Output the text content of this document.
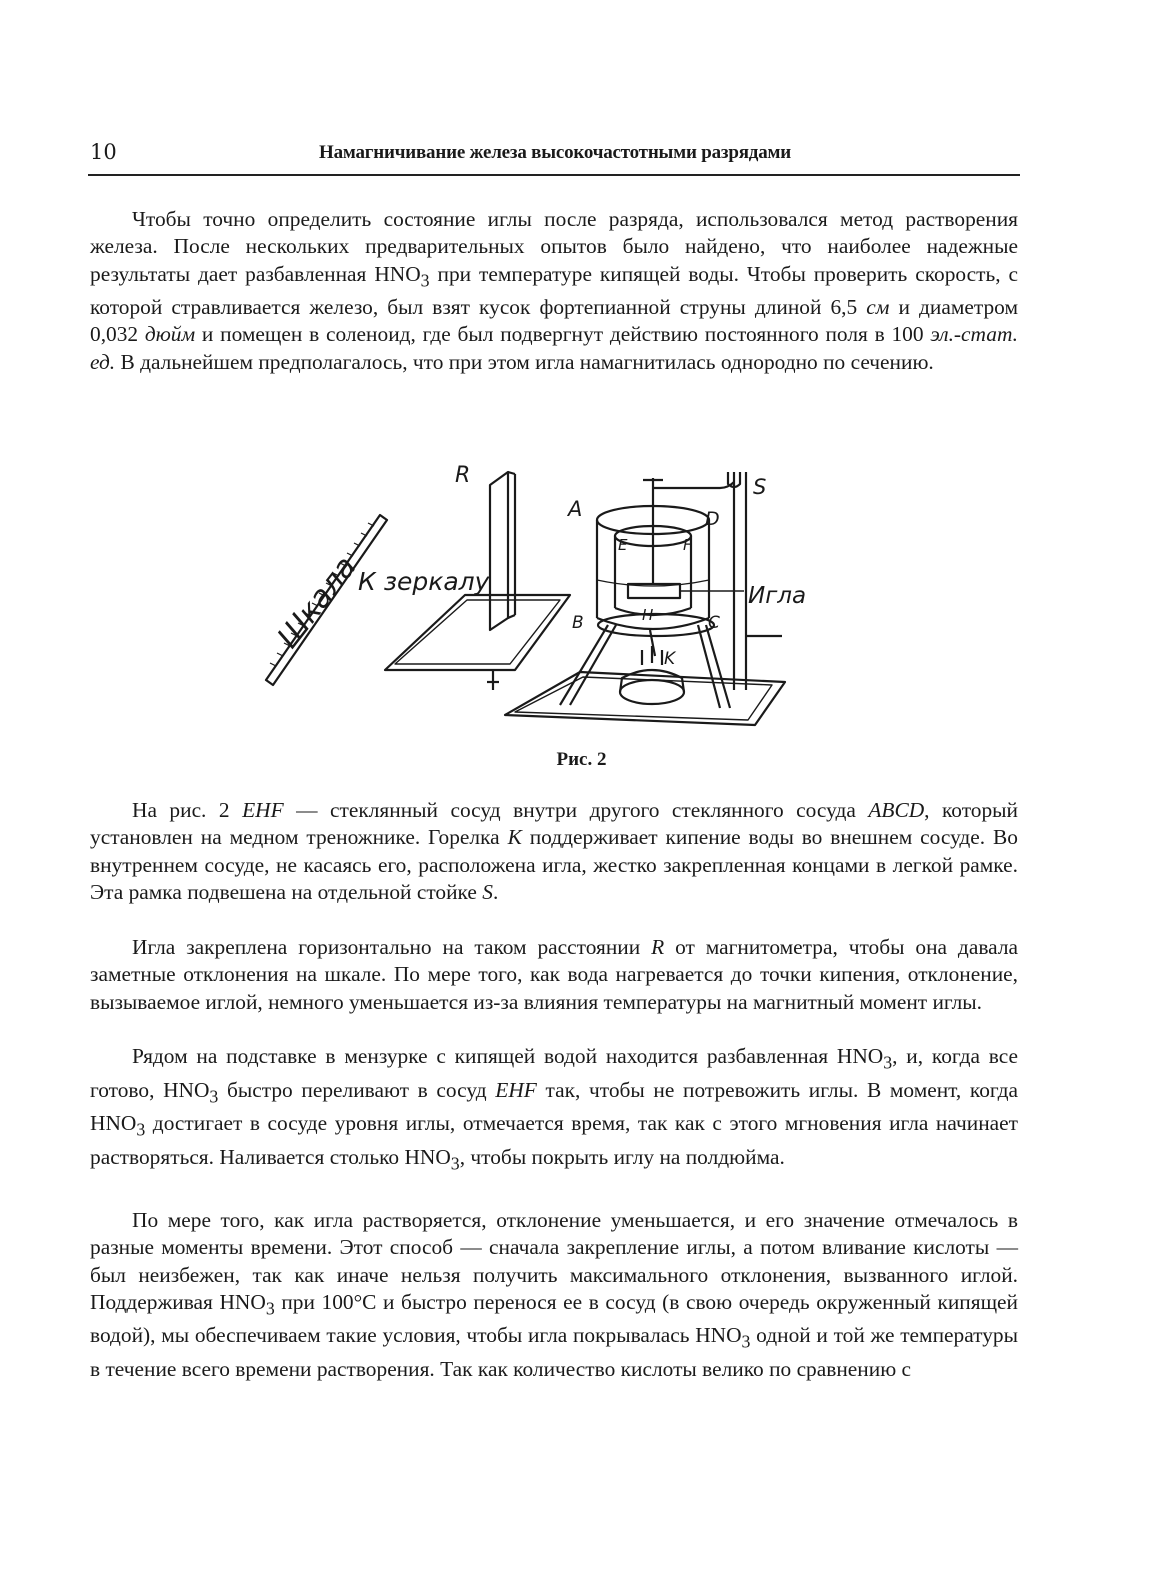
10	Намагничивание железа высокочастотными разрядами

Чтобы точно определить состояние иглы после разряда, использовался метод растворения железа. После нескольких предварительных опытов было найдено, что наиболее надежные результаты дает разбавленная $HNO_3$ при температуре кипящей воды. Чтобы проверить скорость, с которой стравливается железо, был взят кусок фортепианной струны длиной 6,5 см и диаметром 0,032 дюйм и помещен в соленоид, где был подвергнут действию постоянного поля в 100 эл.-стат. ед. В дальнейшем предполагалось, что при этом игла намагнитилась однородно по сечению.

Шкала
К зеркалу
R
A	D
E	F
S
B	C
H
K
Игла
Рис. 2

На рис. 2 EHF — стеклянный сосуд внутри другого стеклянного сосуда ABCD, который установлен на медном треножнике. Горелка K поддерживает кипение воды во внешнем сосуде. Во внутреннем сосуде, не касаясь его, расположена игла, жестко закрепленная концами в легкой рамке. Эта рамка подвешена на отдельной стойке S.

Игла закреплена горизонтально на таком расстоянии R от магнитометра, чтобы она давала заметные отклонения на шкале. По мере того, как вода нагревается до точки кипения, отклонение, вызываемое иглой, немного уменьшается из-за влияния температуры на магнитный момент иглы.

Рядом на подставке в мензурке с кипящей водой находится разбавленная $HNO_3$, и, когда все готово, $HNO_3$ быстро переливают в сосуд EHF так, чтобы не потревожить иглы. В момент, когда $HNO_3$ достигает в сосуде уровня иглы, отмечается время, так как с этого мгновения игла начинает растворяться. Наливается столько $HNO_3$, чтобы покрыть иглу на полдюйма.

По мере того, как игла растворяется, отклонение уменьшается, и его значение отмечалось в разные моменты времени. Этот способ — сначала закрепление иглы, а потом вливание кислоты — был неизбежен, так как иначе нельзя получить максимального отклонения, вызванного иглой. Поддерживая $HNO_3$ при 100°C и быстро перенося ее в сосуд (в свою очередь окруженный кипящей водой), мы обеспечиваем такие условия, чтобы игла покрывалась $HNO_3$ одной и той же температуры в течение всего времени растворения. Так как количество кислоты велико по сравнению с
